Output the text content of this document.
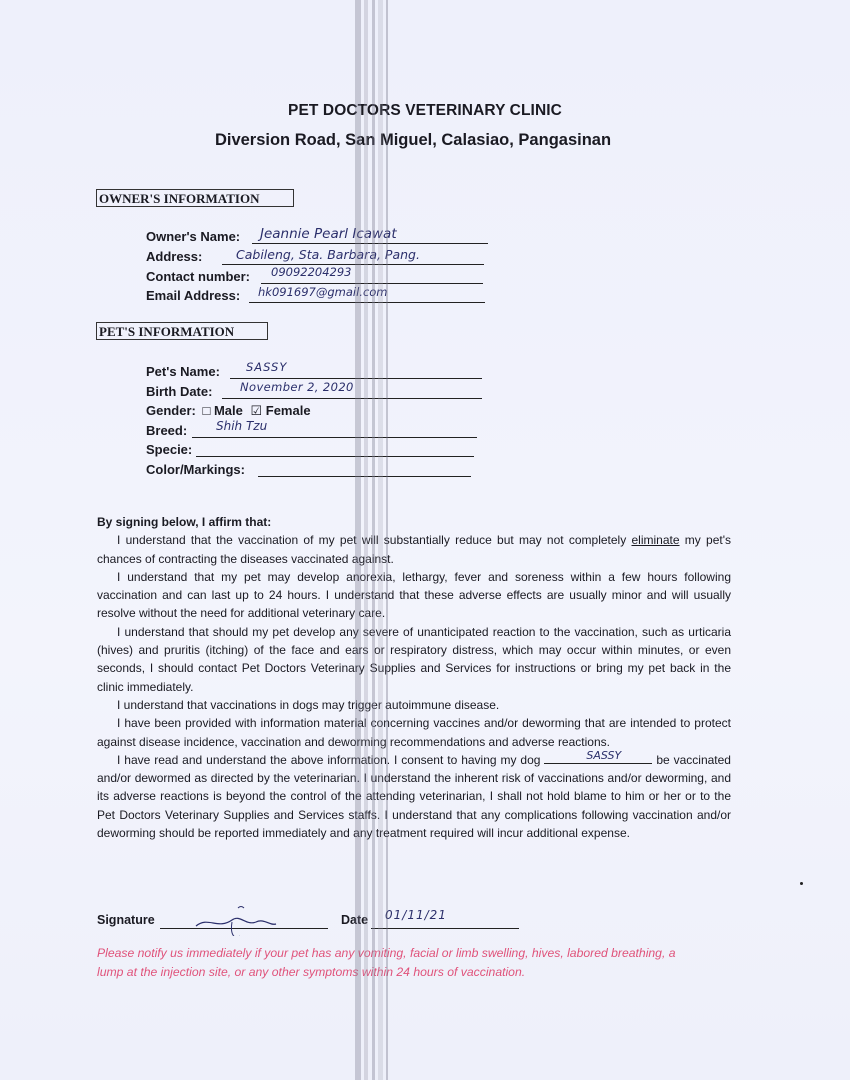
PET DOCTORS VETERINARY CLINIC
Diversion Road, San Miguel, Calasiao, Pangasinan
OWNER'S INFORMATION
Owner's Name: Jeannie Pearl Icawat
Address:	Cabileng, Sta. Barbara, Pang.
Contact number: 09092204293
Email Address: hk091697@gmail.com
PET'S INFORMATION
Pet's Name: SASSY
Birth Date: November 2, 2020
Gender: □ Male ☑ Female
Breed: Shih Tzu
Specie:
Color/Markings:

By signing below, I affirm that:

I understand that the vaccination of my pet will substantially reduce but may not completely eliminate my pet's chances of contracting the diseases vaccinated against.

I understand that my pet may develop anorexia, lethargy, fever and soreness within a few hours following vaccination and can last up to 24 hours. I understand that these adverse effects are usually minor and will usually resolve without the need for additional veterinary care.

I understand that should my pet develop any severe of unanticipated reaction to the vaccination, such as urticaria (hives) and pruritis (itching) of the face and ears or respiratory distress, which may occur within minutes, or even seconds, I should contact Pet Doctors Veterinary Supplies and Services for instructions or bring my pet back in the clinic immediately.

I understand that vaccinations in dogs may trigger autoimmune disease.

I have been provided with information material concerning vaccines and/or deworming that are intended to protect against disease incidence, vaccination and deworming recommendations and adverse reactions.

I have read and understand the above information. I consent to having my dog	SASSY	be vaccinated and/or dewormed as directed by the veterinarian. I understand the inherent risk of vaccinations and/or deworming, and its adverse reactions is beyond the control of the attending veterinarian, I shall not hold blame to him or her or to the Pet Doctors Veterinary Supplies and Services staffs. I understand that any complications following vaccination and/or deworming should be reported immediately and any treatment required will incur additional expense.

Signature	Date 01/11/21
Please notify us immediately if your pet has any vomiting, facial or limb swelling, hives, labored breathing, a lump at the injection site, or any other symptoms within 24 hours of vaccination.
